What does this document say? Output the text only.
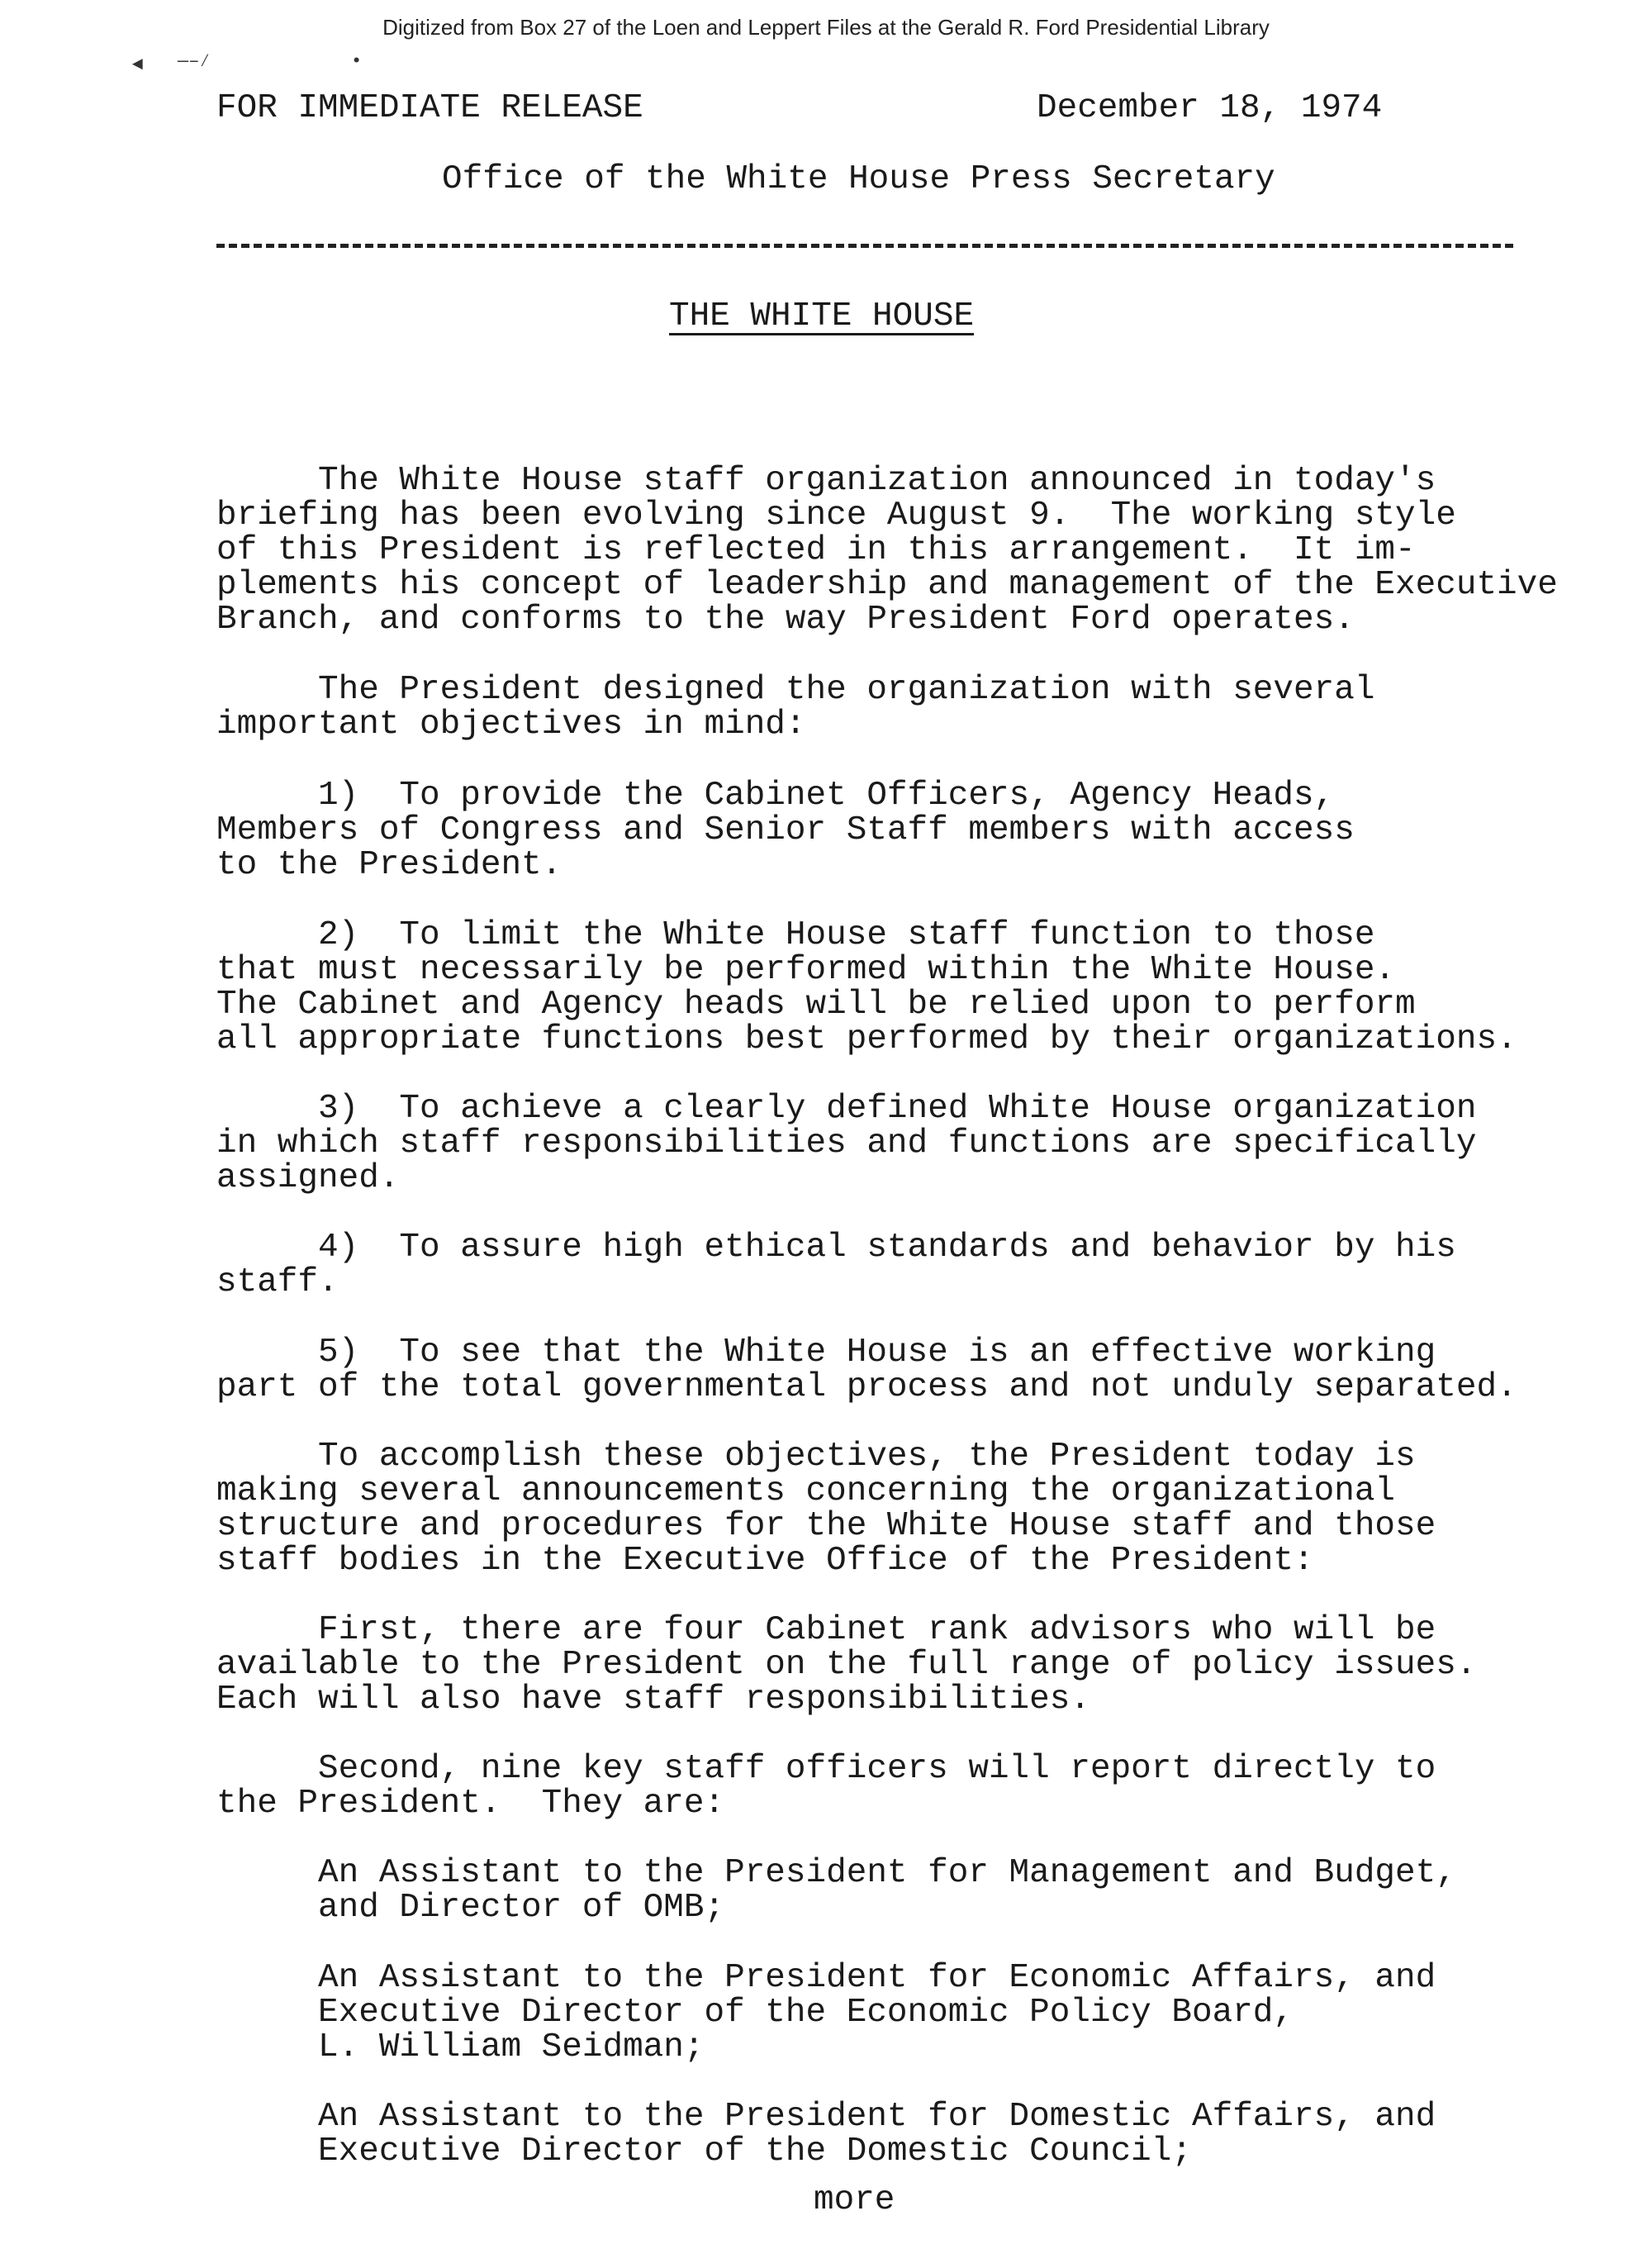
Digitized from Box 27 of the Loen and Leppert Files at the Gerald R. Ford Presidential Library
•
◄ —–⁄
FOR IMMEDIATE RELEASE	December 18, 1974
Office of the White House Press Secretary
THE WHITE HOUSE
The White House staff organization announced in today's
briefing has been evolving since August 9.  The working style
of this President is reflected in this arrangement.  It im-
plements his concept of leadership and management of the Executive
Branch, and conforms to the way President Ford operates.
The President designed the organization with several
important objectives in mind:
1)  To provide the Cabinet Officers, Agency Heads,
Members of Congress and Senior Staff members with access
to the President.
2)  To limit the White House staff function to those
that must necessarily be performed within the White House.
The Cabinet and Agency heads will be relied upon to perform
all appropriate functions best performed by their organizations.
3)  To achieve a clearly defined White House organization
in which staff responsibilities and functions are specifically
assigned.
4)  To assure high ethical standards and behavior by his
staff.
5)  To see that the White House is an effective working
part of the total governmental process and not unduly separated.
To accomplish these objectives, the President today is
making several announcements concerning the organizational
structure and procedures for the White House staff and those
staff bodies in the Executive Office of the President:
First, there are four Cabinet rank advisors who will be
available to the President on the full range of policy issues.
Each will also have staff responsibilities.
Second, nine key staff officers will report directly to
the President.  They are:
An Assistant to the President for Management and Budget,
and Director of OMB;
An Assistant to the President for Economic Affairs, and
Executive Director of the Economic Policy Board,
L. William Seidman;
An Assistant to the President for Domestic Affairs, and
Executive Director of the Domestic Council;
more
